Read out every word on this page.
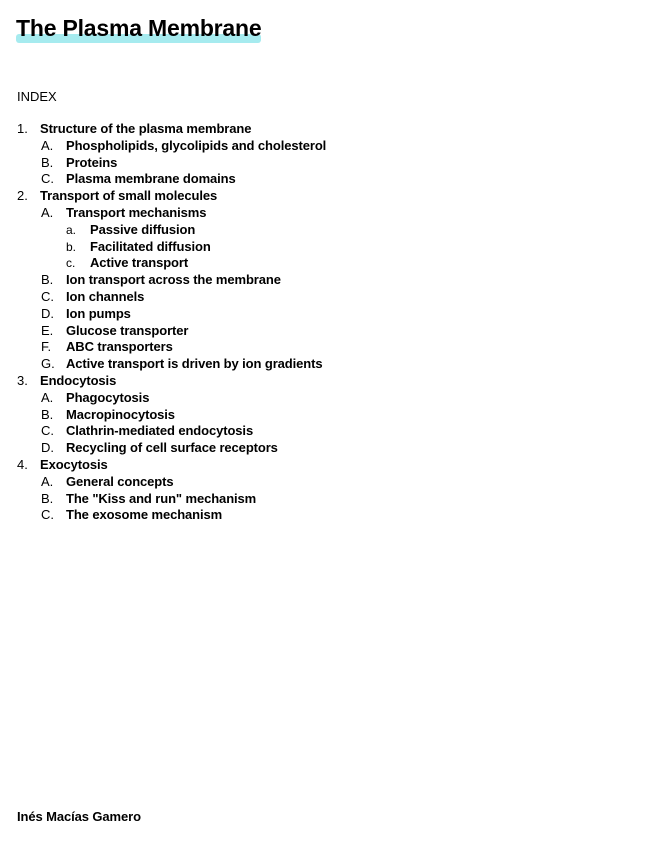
The Plasma Membrane
INDEX
1. Structure of the plasma membrane
A. Phospholipids, glycolipids and cholesterol
B. Proteins
C. Plasma membrane domains
2. Transport of small molecules
A. Transport mechanisms
a.	Passive diffusion
b.	Facilitated diffusion
c.	Active transport
B. Ion transport across the membrane
C. Ion channels
D. Ion pumps
E. Glucose transporter
F.	ABC transporters
G. Active transport is driven by ion gradients
3. Endocytosis
A. Phagocytosis
B. Macropinocytosis
C. Clathrin-mediated endocytosis
D. Recycling of cell surface receptors
4. Exocytosis
A. General concepts
B. The "Kiss and run" mechanism
C. The exosome mechanism
Inés Macías Gamero
